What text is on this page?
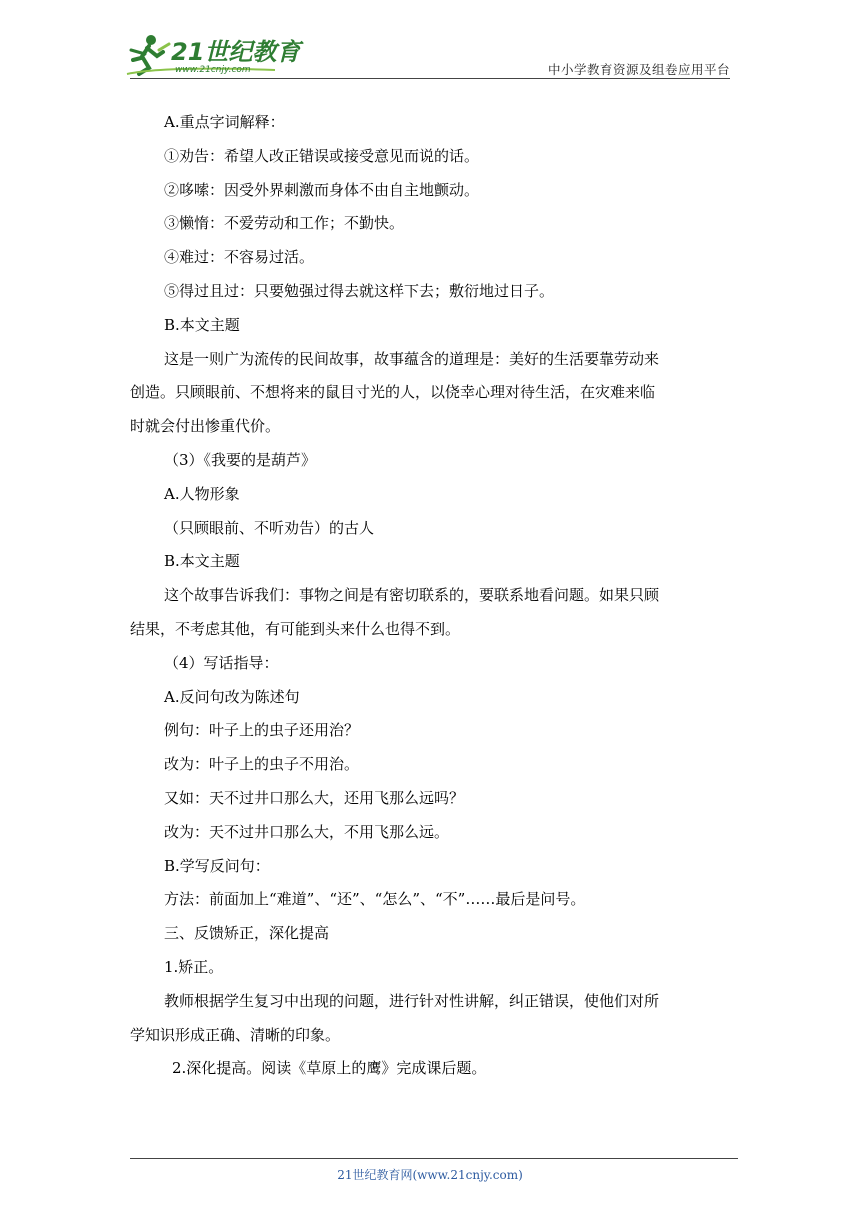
21世纪教育
www.21cnjy.com	中小学教育资源及组卷应用平台
A.重点字词解释：
①劝告：希望人改正错误或接受意见而说的话。
②哆嗦：因受外界刺激而身体不由自主地颤动。
③懒惰：不爱劳动和工作；不勤快。
④难过：不容易过活。
⑤得过且过：只要勉强过得去就这样下去；敷衍地过日子。
B.本文主题
这是一则广为流传的民间故事，故事蕴含的道理是：美好的生活要靠劳动来
创造。只顾眼前、不想将来的鼠目寸光的人，以侥幸心理对待生活，在灾难来临
时就会付出惨重代价。
（3）《我要的是葫芦》
A.人物形象
（只顾眼前、不听劝告）的古人
B.本文主题
这个故事告诉我们：事物之间是有密切联系的，要联系地看问题。如果只顾
结果，不考虑其他，有可能到头来什么也得不到。
（4）写话指导：
A.反问句改为陈述句
例句：叶子上的虫子还用治？
改为：叶子上的虫子不用治。
又如：天不过井口那么大，还用飞那么远吗？
改为：天不过井口那么大，不用飞那么远。
B.学写反问句：
方法：前面加上“难道”、“还”、“怎么”、“不”……最后是问号。
三、反馈矫正，深化提高
1.矫正。
教师根据学生复习中出现的问题，进行针对性讲解，纠正错误，使他们对所
学知识形成正确、清晰的印象。
2.深化提高。阅读《草原上的鹰》完成课后题。
21世纪教育网(www.21cnjy.com)
